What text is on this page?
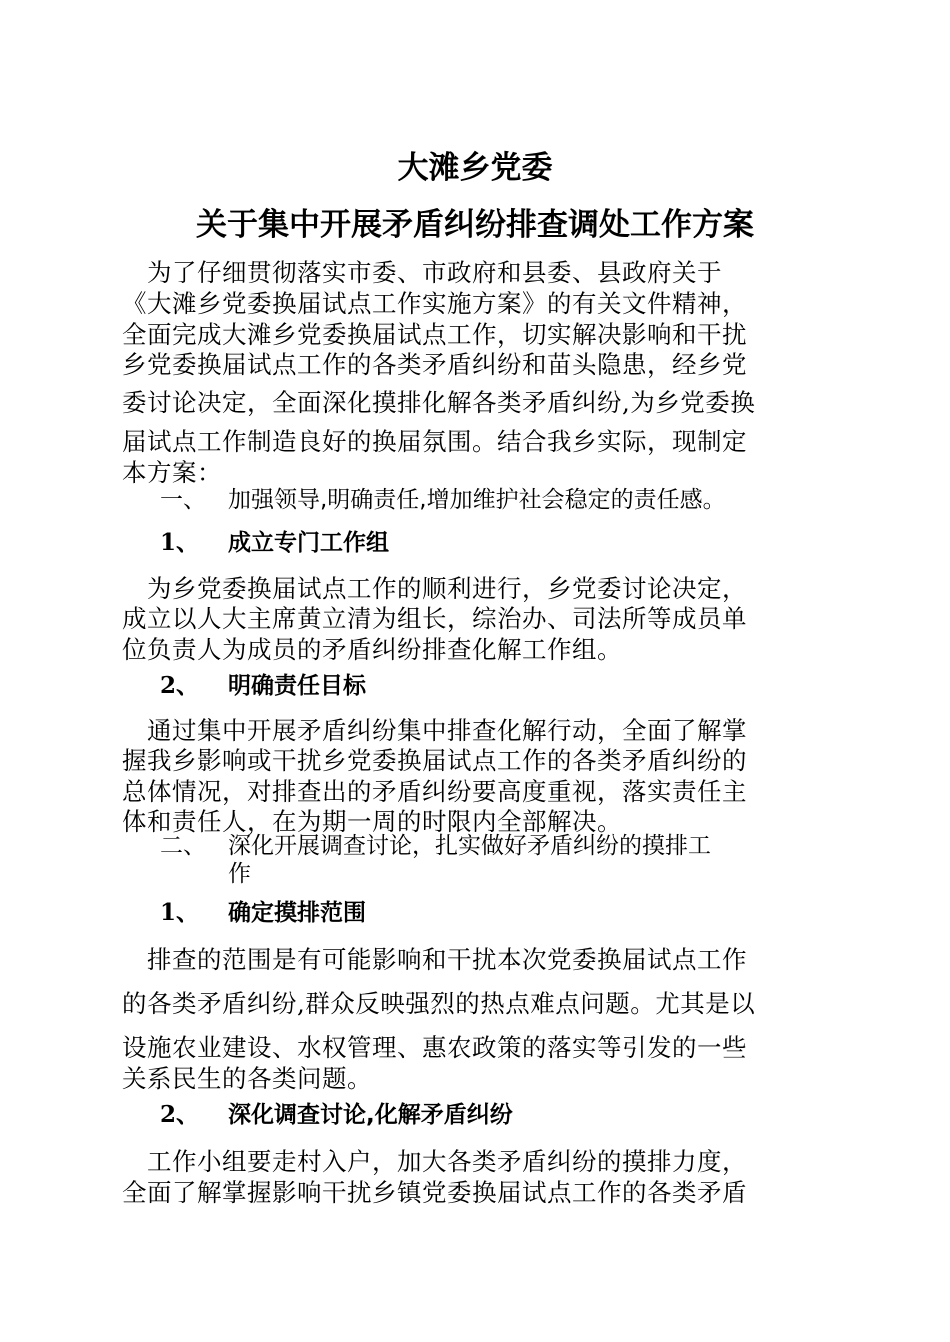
大滩乡党委
关于集中开展矛盾纠纷排查调处工作方案
　为了仔细贯彻落实市委、市政府和县委、县政府关于
《大滩乡党委换届试点工作实施方案》的有关文件精神，
全面完成大滩乡党委换届试点工作，切实解决影响和干扰
乡党委换届试点工作的各类矛盾纠纷和苗头隐患，经乡党
委讨论决定，全面深化摸排化解各类矛盾纠纷,为乡党委换
届试点工作制造良好的换届氛围。结合我乡实际，现制定
本方案：
一、 加强领导,明确责任,增加维护社会稳定的责任感。
1、 成立专门工作组
　为乡党委换届试点工作的顺利进行，乡党委讨论决定，
成立以人大主席黄立清为组长，综治办、司法所等成员单
位负责人为成员的矛盾纠纷排查化解工作组。
2、 明确责任目标
　通过集中开展矛盾纠纷集中排查化解行动，全面了解掌
握我乡影响或干扰乡党委换届试点工作的各类矛盾纠纷的
总体情况，对排查出的矛盾纠纷要高度重视，落实责任主
体和责任人，在为期一周的时限内全部解决。
二、 深化开展调查讨论，扎实做好矛盾纠纷的摸排工
作
1、 确定摸排范围
　排查的范围是有可能影响和干扰本次党委换届试点工作
的各类矛盾纠纷,群众反映强烈的热点难点问题。尤其是以
设施农业建设、水权管理、惠农政策的落实等引发的一些
关系民生的各类问题。
2、 深化调查讨论,化解矛盾纠纷
　工作小组要走村入户，加大各类矛盾纠纷的摸排力度，
全面了解掌握影响干扰乡镇党委换届试点工作的各类矛盾
